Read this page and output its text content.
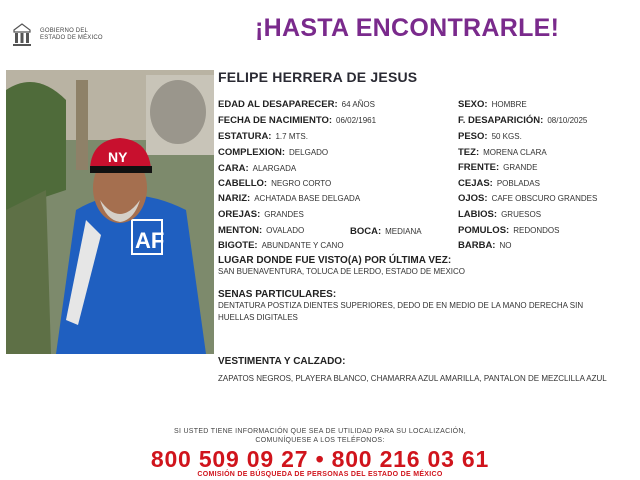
GOBIERNO DEL
ESTADO DE MÉXICO	¡HASTA ENCONTRARLE!
AF
NY
FELIPE HERRERA DE JESUS
EDAD AL DESAPARECER: 64 AÑOS
FECHA DE NACIMIENTO: 06/02/1961
ESTATURA: 1.7 MTS.
COMPLEXION: DELGADO
CARA: ALARGADA
CABELLO: NEGRO CORTO
NARIZ: ACHATADA BASE DELGADA
OREJAS: GRANDES
MENTON: OVALADO	BOCA: MEDIANA
BIGOTE: ABUNDANTE Y CANO
SEXO: HOMBRE
F. DESAPARICIÓN: 08/10/2025
PESO: 50 KGS.
TEZ: MORENA CLARA
FRENTE: GRANDE
CEJAS: POBLADAS
OJOS: CAFE OBSCURO GRANDES
LABIOS: GRUESOS
POMULOS: REDONDOS
BARBA: NO
LUGAR DONDE FUE VISTO(A) POR ÚLTIMA VEZ:
SAN BUENAVENTURA, TOLUCA DE LERDO, ESTADO DE MEXICO
SENAS PARTICULARES:
DENTATURA POSTIZA DIENTES SUPERIORES, DEDO DE EN MEDIO DE LA MANO DERECHA SIN HUELLAS DIGITALES
VESTIMENTA Y CALZADO:
ZAPATOS NEGROS, PLAYERA BLANCO, CHAMARRA AZUL AMARILLA, PANTALON DE MEZCLILLA AZUL
SI USTED TIENE INFORMACIÓN QUE SEA DE UTILIDAD PARA SU LOCALIZACIÓN,
COMUNÍQUESE A LOS TELÉFONOS:
800 509 09 27 • 800 216 03 61
COMISIÓN DE BÚSQUEDA DE PERSONAS DEL ESTADO DE MÉXICO
